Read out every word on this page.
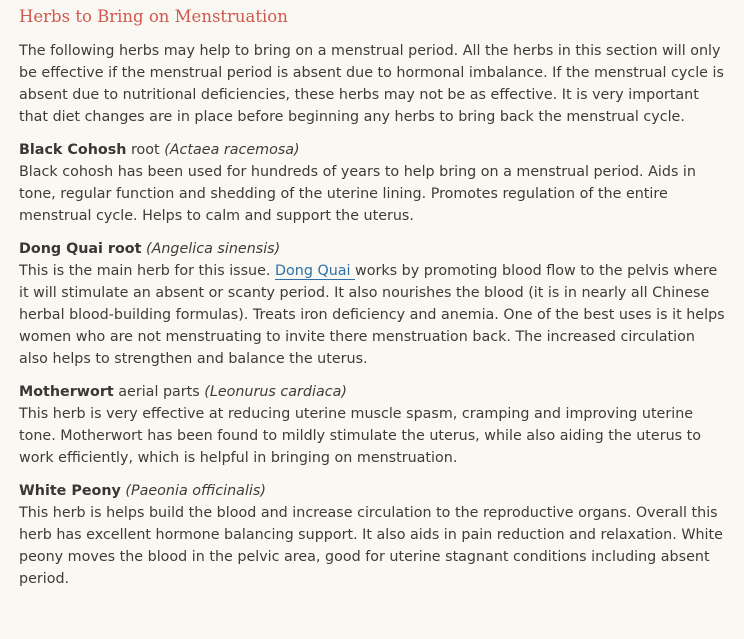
Herbs to Bring on Menstruation

The following herbs may help to bring on a menstrual period. All the herbs in this section will only be effective if the menstrual period is absent due to hormonal imbalance. If the menstrual cycle is absent due to nutritional deficiencies, these herbs may not be as effective. It is very important that diet changes are in place before beginning any herbs to bring back the menstrual cycle.

Black Cohosh root (Actaea racemosa)
Black cohosh has been used for hundreds of years to help bring on a menstrual period. Aids in tone, regular function and shedding of the uterine lining. Promotes regulation of the entire menstrual cycle. Helps to calm and support the uterus.
Dong Quai root (Angelica sinensis)
This is the main herb for this issue. Dong Quai works by promoting blood flow to the pelvis where it will stimulate an absent or scanty period. It also nourishes the blood (it is in nearly all Chinese herbal blood-building formulas). Treats iron deficiency and anemia. One of the best uses is it helps women who are not menstruating to invite there menstruation back. The increased circulation also helps to strengthen and balance the uterus.
Motherwort aerial parts (Leonurus cardiaca)
This herb is very effective at reducing uterine muscle spasm, cramping and improving uterine tone. Motherwort has been found to mildly stimulate the uterus, while also aiding the uterus to work efficiently, which is helpful in bringing on menstruation.
White Peony (Paeonia officinalis)
This herb is helps build the blood and increase circulation to the reproductive organs. Overall this herb has excellent hormone balancing support. It also aids in pain reduction and relaxation. White peony moves the blood in the pelvic area, good for uterine stagnant conditions including absent period.
